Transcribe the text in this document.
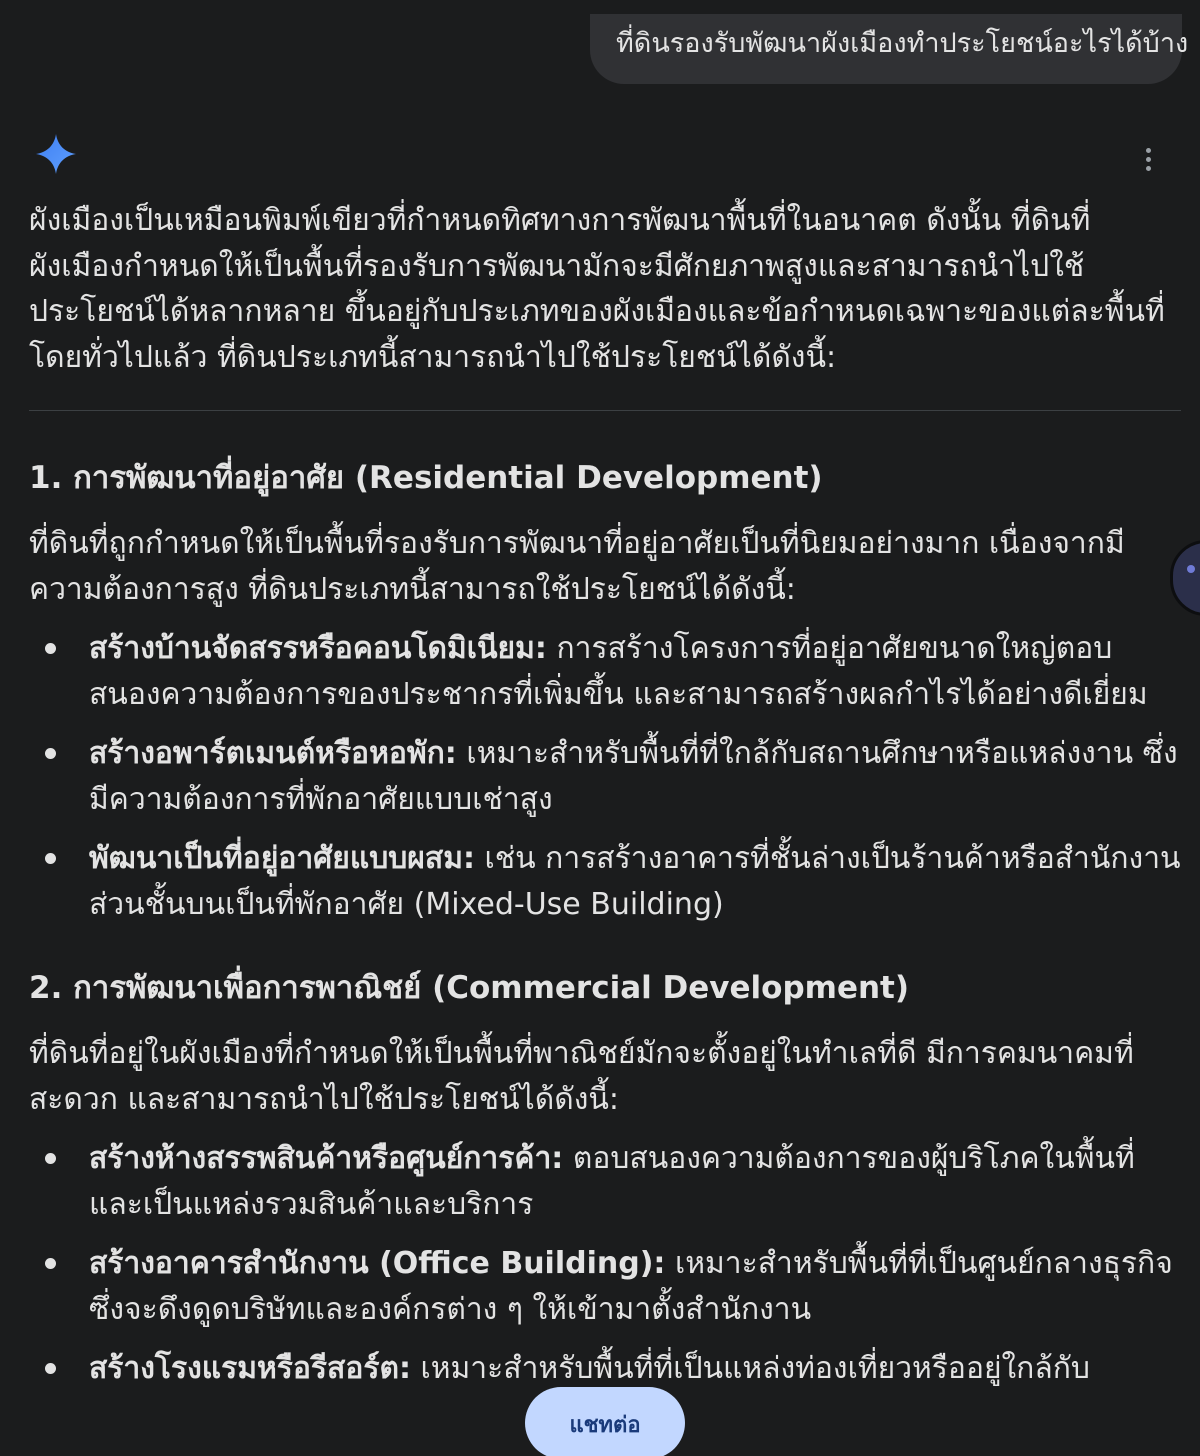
ที่ดินรองรับพัฒนาผังเมืองทำประโยชน์อะไรได้บ้าง

ผังเมืองเป็นเหมือนพิมพ์เขียวที่กำหนดทิศทางการพัฒนาพื้นที่ในอนาคต ดังนั้น ที่ดินที่ผังเมืองกำหนดให้เป็นพื้นที่รองรับการพัฒนามักจะมีศักยภาพสูงและสามารถนำไปใช้ประโยชน์ได้หลากหลาย ขึ้นอยู่กับประเภทของผังเมืองและข้อกำหนดเฉพาะของแต่ละพื้นที่ โดยทั่วไปแล้ว ที่ดินประเภทนี้สามารถนำไปใช้ประโยชน์ได้ดังนี้:

1. การพัฒนาที่อยู่อาศัย (Residential Development)

ที่ดินที่ถูกกำหนดให้เป็นพื้นที่รองรับการพัฒนาที่อยู่อาศัยเป็นที่นิยมอย่างมาก เนื่องจากมีความต้องการสูง ที่ดินประเภทนี้สามารถใช้ประโยชน์ได้ดังนี้:

สร้างบ้านจัดสรรหรือคอนโดมิเนียม: การสร้างโครงการที่อยู่อาศัยขนาดใหญ่ตอบสนองความต้องการของประชากรที่เพิ่มขึ้น และสามารถสร้างผลกำไรได้อย่างดีเยี่ยม
สร้างอพาร์ตเมนต์หรือหอพัก: เหมาะสำหรับพื้นที่ที่ใกล้กับสถานศึกษาหรือแหล่งงาน ซึ่งมีความต้องการที่พักอาศัยแบบเช่าสูง
พัฒนาเป็นที่อยู่อาศัยแบบผสม: เช่น การสร้างอาคารที่ชั้นล่างเป็นร้านค้าหรือสำนักงาน ส่วนชั้นบนเป็นที่พักอาศัย (Mixed-Use Building)
2. การพัฒนาเพื่อการพาณิชย์ (Commercial Development)

ที่ดินที่อยู่ในผังเมืองที่กำหนดให้เป็นพื้นที่พาณิชย์มักจะตั้งอยู่ในทำเลที่ดี มีการคมนาคมที่สะดวก และสามารถนำไปใช้ประโยชน์ได้ดังนี้:

สร้างห้างสรรพสินค้าหรือศูนย์การค้า: ตอบสนองความต้องการของผู้บริโภคในพื้นที่ และเป็นแหล่งรวมสินค้าและบริการ
สร้างอาคารสำนักงาน (Office Building): เหมาะสำหรับพื้นที่ที่เป็นศูนย์กลางธุรกิจ ซึ่งจะดึงดูดบริษัทและองค์กรต่าง ๆ ให้เข้ามาตั้งสำนักงาน
สร้างโรงแรมหรือรีสอร์ต: เหมาะสำหรับพื้นที่ที่เป็นแหล่งท่องเที่ยวหรืออยู่ใกล้กับ
แชทต่อ
